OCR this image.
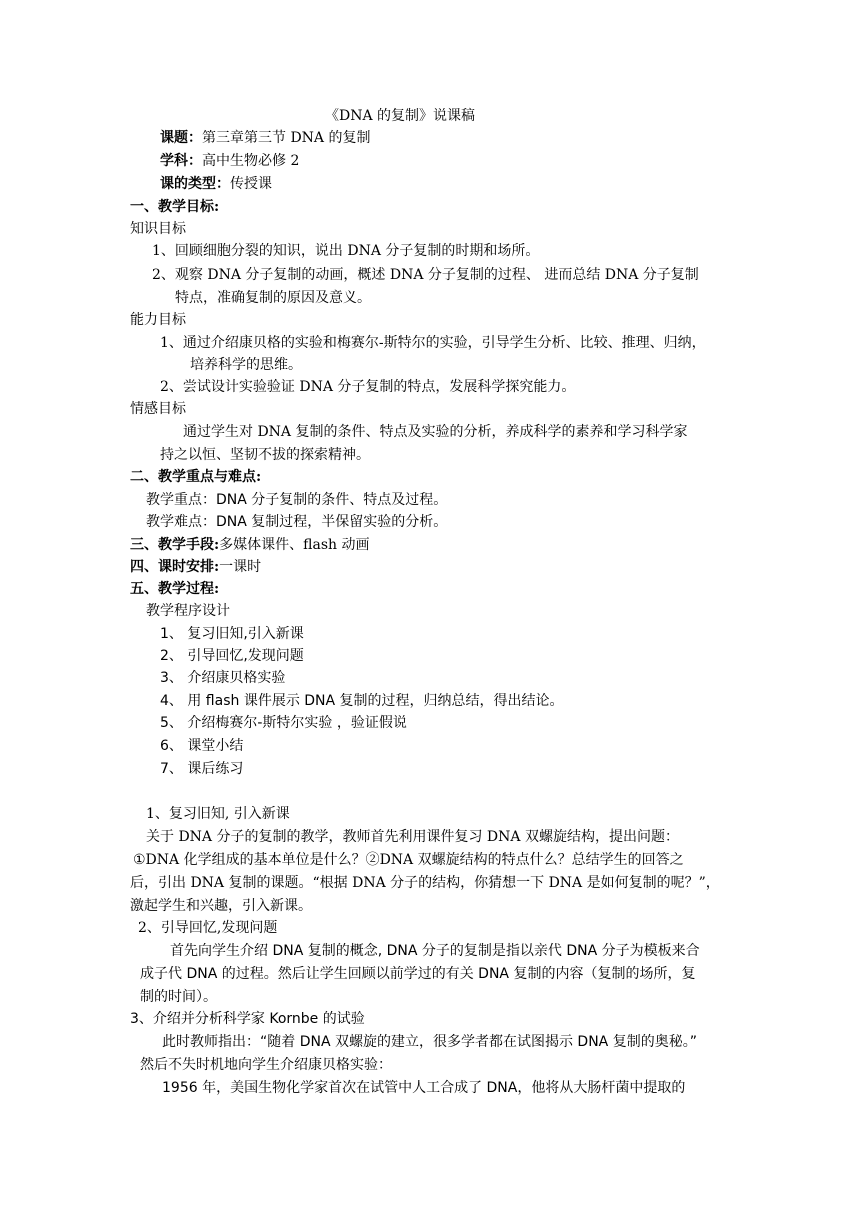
《DNA 的复制》说课稿
课题：第三章第三节 DNA 的复制
学科：高中生物必修 2
课的类型：传授课
一、教学目标:
知识目标
1、回顾细胞分裂的知识，说出 DNA 分子复制的时期和场所。
2、观察 DNA 分子复制的动画，概述 DNA 分子复制的过程、 进而总结 DNA 分子复制
特点，准确复制的原因及意义。
能力目标
1、通过介绍康贝格的实验和梅赛尔-斯特尔的实验，引导学生分析、比较、推理、归纳，
培养科学的思维。
2、尝试设计实验验证 DNA 分子复制的特点，发展科学探究能力。
情感目标
通过学生对 DNA 复制的条件、特点及实验的分析，养成科学的素养和学习科学家
持之以恒、坚韧不拔的探索精神。
二、教学重点与难点:
教学重点：DNA 分子复制的条件、特点及过程。
教学难点：DNA 复制过程，半保留实验的分析。
三、教学手段:多媒体课件、flash 动画
四、课时安排:一课时
五、教学过程:
教学程序设计
1、 复习旧知,引入新课
2、 引导回忆,发现问题
3、 介绍康贝格实验
4、 用 flash 课件展示 DNA 复制的过程，归纳总结，得出结论。
5、 介绍梅赛尔-斯特尔实验 ，验证假说
6、 课堂小结
7、 课后练习
1、复习旧知, 引入新课
关于 DNA 分子的复制的教学，教师首先利用课件复习 DNA 双螺旋结构，提出问题：
①DNA 化学组成的基本单位是什么？②DNA 双螺旋结构的特点什么？总结学生的回答之
后，引出 DNA 复制的课题。“根据 DNA 分子的结构，你猜想一下 DNA 是如何复制的呢？”，
激起学生和兴趣，引入新课。
2、引导回忆,发现问题
首先向学生介绍 DNA 复制的概念, DNA 分子的复制是指以亲代 DNA 分子为模板来合
成子代 DNA 的过程。然后让学生回顾以前学过的有关 DNA 复制的内容（复制的场所，复
制的时间）。
3、介绍并分析科学家 Kornbe 的试验
此时教师指出：“随着 DNA 双螺旋的建立，很多学者都在试图揭示 DNA 复制的奥秘。”
然后不失时机地向学生介绍康贝格实验：
1956 年，美国生物化学家首次在试管中人工合成了 DNA，他将从大肠杆菌中提取的
